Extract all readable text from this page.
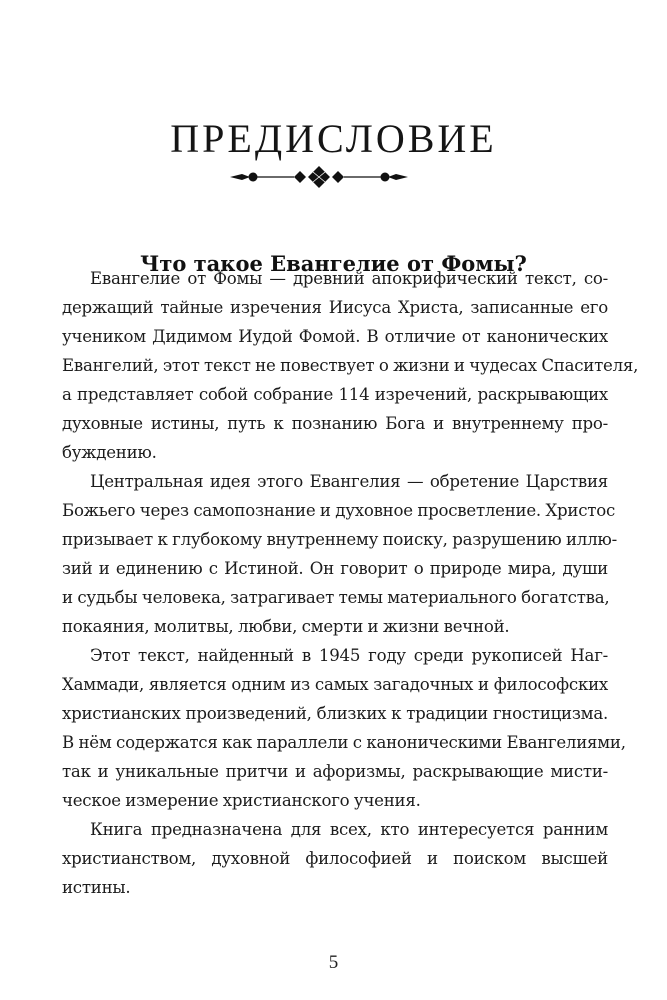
ПРЕДИСЛОВИЕ
Что такое Евангелие от Фомы?

Евангелие от Фомы — древний апокрифический текст, со-
держащий тайные изречения Иисуса Христа, записанные его
учеником Дидимом Иудой Фомой. В отличие от канонических
Евангелий, этот текст не повествует о жизни и чудесах Спасителя,
а представляет собой собрание 114 изречений, раскрывающих
духовные истины, путь к познанию Бога и внутреннему про-
буждению.

Центральная идея этого Евангелия — обретение Царствия
Божьего через самопознание и духовное просветление. Христос
призывает к глубокому внутреннему поиску, разрушению иллю-
зий и единению с Истиной. Он говорит о природе мира, души
и судьбы человека, затрагивает темы материального богатства,
покаяния, молитвы, любви, смерти и жизни вечной.

Этот текст, найденный в 1945 году среди рукописей Наг-
Хаммади, является одним из самых загадочных и философских
христианских произведений, близких к традиции гностицизма.
В нём содержатся как параллели с каноническими Евангелиями,
так и уникальные притчи и афоризмы, раскрывающие мисти-
ческое измерение христианского учения.

Книга предназначена для всех, кто интересуется ранним
христианством, духовной философией и поиском высшей
истины.

5
